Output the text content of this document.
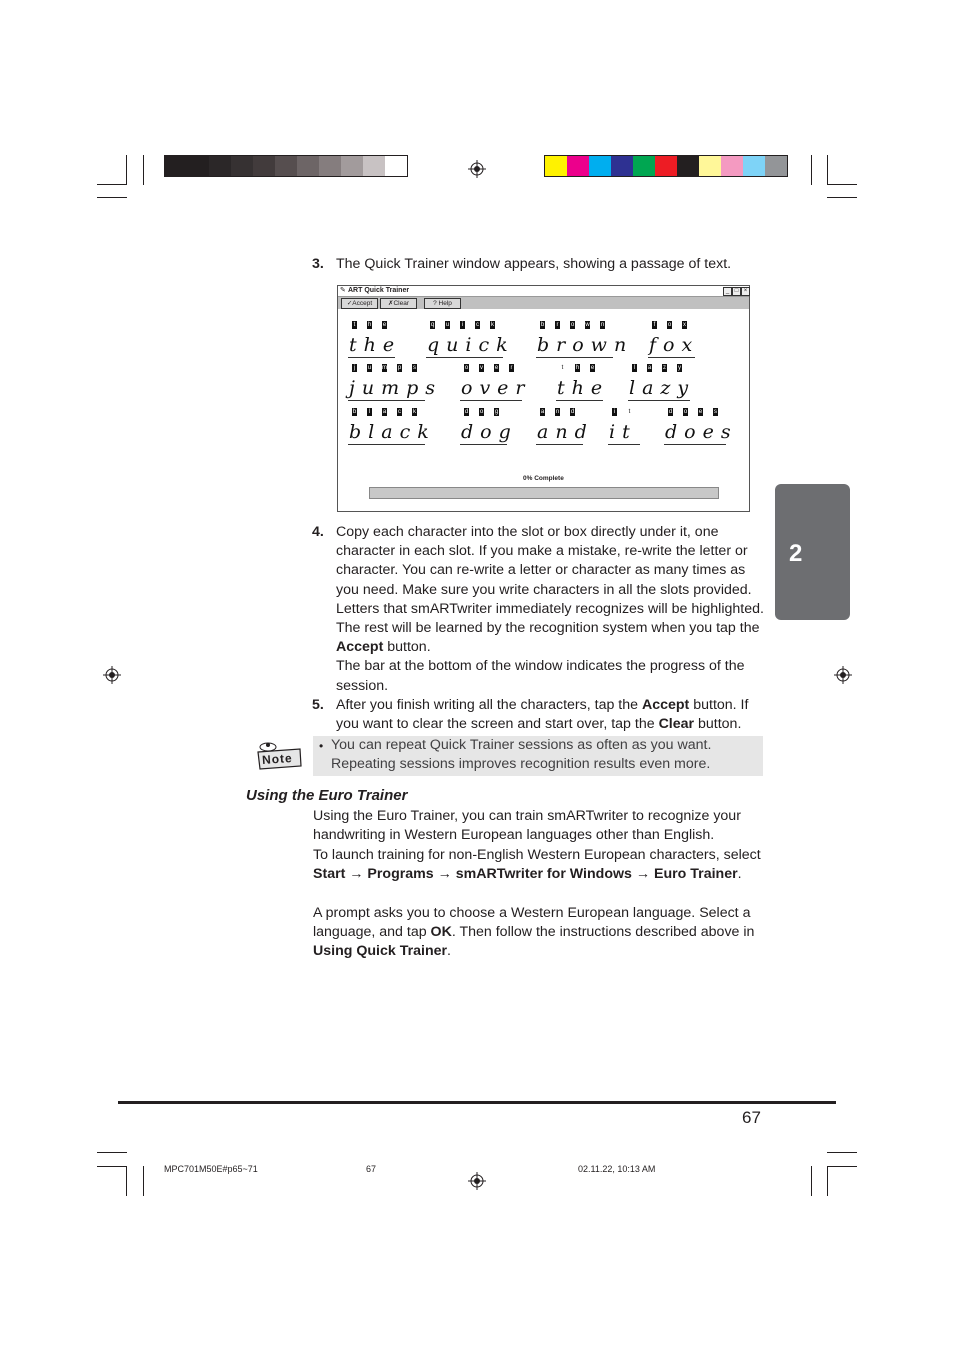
3. The Quick Trainer window appears, showing a passage of text.
✎ ART Quick Trainer	_ □ ×
✓Accept	✗Clear	? Help
t h e
the
q u	i	c k
quick
b r o w n
brown
f o x
fox
j	u m p s
jumps
o v e r
over
t h e
the
l	a z y
lazy
b	l	a c k
black
d o g
dog
a n d
and
i	t
it
d o e s
does
0% Complete
4. Copy each character into the slot or box directly under it, one character in each slot. If you make a mistake, re-write the letter or character. You can re-write a letter or character as many times as you need. Make sure you write characters in all the slots provided. Letters that smARTwriter immediately recognizes will be highlighted. The rest will be learned by the recognition system when you tap the Accept button.
The bar at the bottom of the window indicates the progress of the session.
5. After you finish writing all the characters, tap the Accept button. If you want to clear the screen and start over, tap the Clear button.
Note
• You can repeat Quick Trainer sessions as often as you want. Repeating sessions improves recognition results even more.
Using the Euro Trainer
Using the Euro Trainer, you can train smARTwriter to recognize your handwriting in Western European languages other than English.
To launch training for non-English Western European characters, select Start → Programs → smARTwriter for Windows → Euro Trainer.
A prompt asks you to choose a Western European language. Select a language, and tap OK. Then follow the instructions described above in Using Quick Trainer.
2
67
MPC701M50E#p65~71	67	02.11.22, 10:13 AM
